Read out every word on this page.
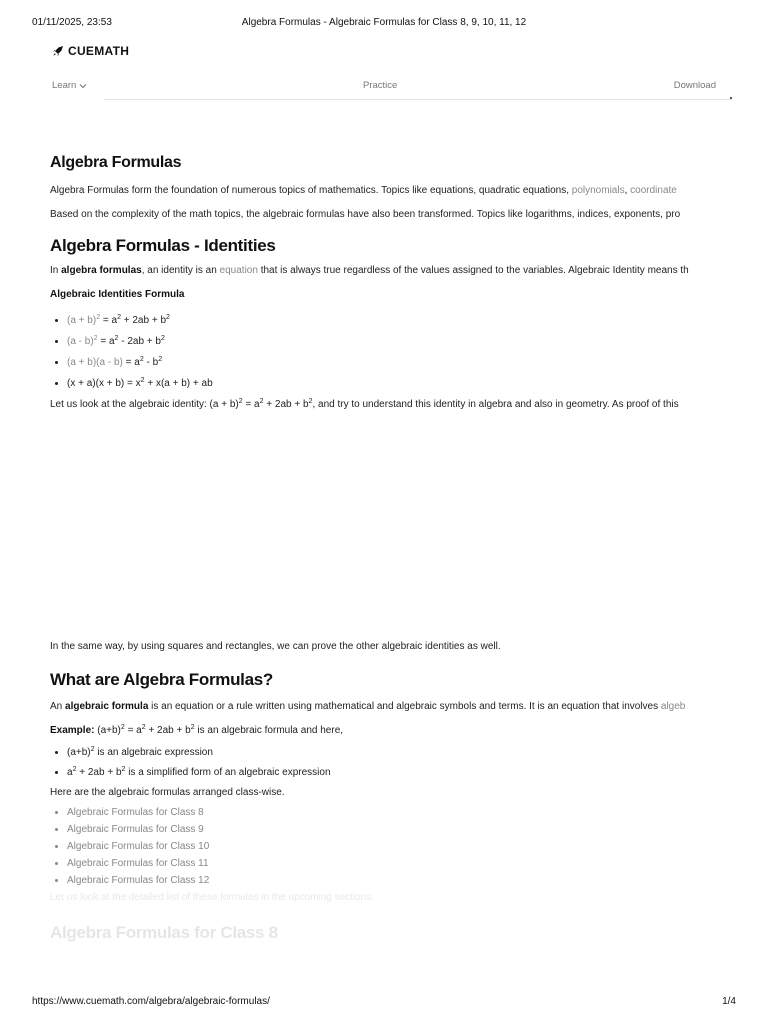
01/11/2025, 23:53	Algebra Formulas - Algebraic Formulas for Class 8, 9, 10, 11, 12
CUEMATH
Learn	Practice	Download
Algebra Formulas

Algebra Formulas form the foundation of numerous topics of mathematics. Topics like equations, quadratic equations, polynomials, coordinate

Based on the complexity of the math topics, the algebraic formulas have also been transformed. Topics like logarithms, indices, exponents, pro

Algebra Formulas - Identities

In algebra formulas, an identity is an equation that is always true regardless of the values assigned to the variables. Algebraic Identity means th

Algebraic Identities Formula

• $(a + b)^2 = a^2 + 2ab + b^2$
• $(a - b)^2 = a^2 - 2ab + b^2$
• $(a + b)(a - b) = a^2 - b^2$
• $(x + a)(x + b) = x^2 + x(a + b)$ + ab

Let us look at the algebraic identity: $(a + b)^2 = a^2 + 2ab + b^2$, and try to understand this identity in algebra and also in geometry. As proof of this

In the same way, by using squares and rectangles, we can prove the other algebraic identities as well.

What are Algebra Formulas?

An algebraic formula is an equation or a rule written using mathematical and algebraic symbols and terms. It is an equation that involves algeb

Example: $(a+b)^2 = a^2 + 2ab + b^2$ is an algebraic formula and here,

• $(a+b)^2$ is an algebraic expression
• $a^2 + 2ab + b^2$ is a simplified form of an algebraic expression

Here are the algebraic formulas arranged class-wise.

• Algebraic Formulas for Class 8
• Algebraic Formulas for Class 9
• Algebraic Formulas for Class 10
• Algebraic Formulas for Class 11
• Algebraic Formulas for Class 12

Let us look at the detailed list of these formulas in the upcoming sections.

Algebra Formulas for Class 8
https://www.cuemath.com/algebra/algebraic-formulas/	1/4
